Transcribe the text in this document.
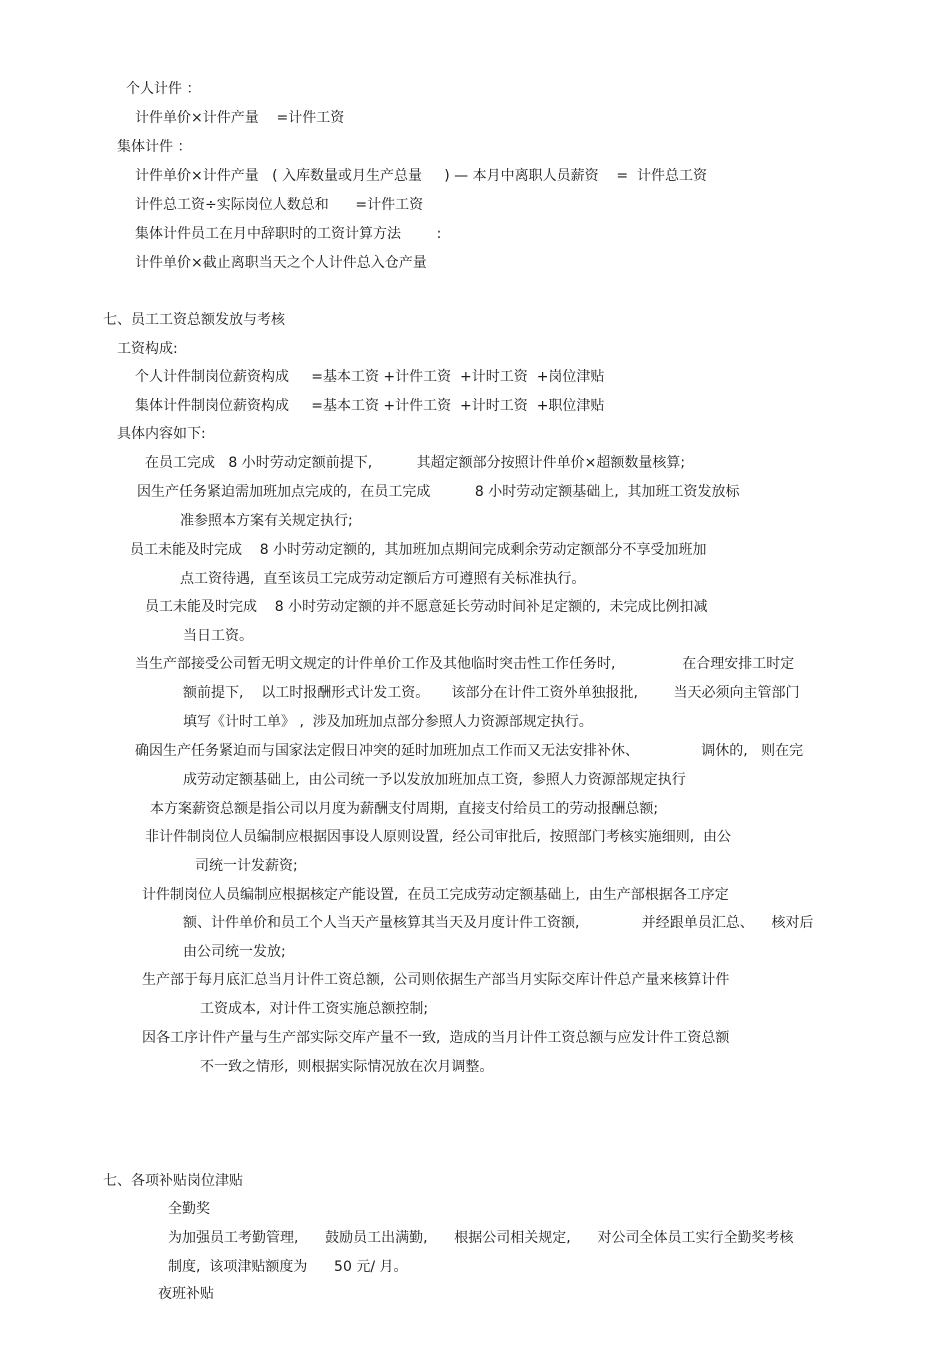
个人计件 ：

计件单价×计件产量    =计件工资

集体计件 ：

计件单价×计件产量   ( 入库数量或月生产总量     ) — 本月中离职人员薪资    =  计件总工资

计件总工资÷实际岗位人数总和      =计件工资

集体计件员工在月中辞职时的工资计算方法        :

计件单价×截止离职当天之个人计件总入仓产量

七、员工工资总额发放与考核

工资构成:

个人计件制岗位薪资构成     =基本工资 +计件工资  +计时工资  +岗位津贴

集体计件制岗位薪资构成     =基本工资 +计件工资  +计时工资  +职位津贴

具体内容如下:

在员工完成   8 小时劳动定额前提下,          其超定额部分按照计件单价×超额数量核算;

因生产任务紧迫需加班加点完成的,  在员工完成          8 小时劳动定额基础上,  其加班工资发放标

准参照本方案有关规定执行;

员工未能及时完成    8 小时劳动定额的,  其加班加点期间完成剩余劳动定额部分不享受加班加

点工资待遇,  直至该员工完成劳动定额后方可遵照有关标准执行。

员工未能及时完成    8 小时劳动定额的并不愿意延长劳动时间补足定额的,  未完成比例扣减

当日工资。

当生产部接受公司暂无明文规定的计件单价工作及其他临时突击性工作任务时,               在合理安排工时定

额前提下,    以工时报酬形式计发工资。     该部分在计件工资外单独报批,        当天必须向主管部门

填写《计时工单》 ,  涉及加班加点部分参照人力资源部规定执行。

确因生产任务紧迫而与国家法定假日冲突的延时加班加点工作而又无法安排补休、              调休的,   则在完

成劳动定额基础上,  由公司统一予以发放加班加点工资,  参照人力资源部规定执行

本方案薪资总额是指公司以月度为薪酬支付周期,  直接支付给员工的劳动报酬总额;

非计件制岗位人员编制应根据因事设人原则设置,  经公司审批后,  按照部门考核实施细则,  由公

司统一计发薪资;

计件制岗位人员编制应根据核定产能设置,  在员工完成劳动定额基础上,  由生产部根据各工序定

额、计件单价和员工个人当天产量核算其当天及月度计件工资额,              并经跟单员汇总、    核对后

由公司统一发放;

生产部于每月底汇总当月计件工资总额,  公司则依据生产部当月实际交库计件总产量来核算计件

工资成本,  对计件工资实施总额控制;

因各工序计件产量与生产部实际交库产量不一致,  造成的当月计件工资总额与应发计件工资总额

不一致之情形,  则根据实际情况放在次月调整。

七、各项补贴岗位津贴

全勤奖

为加强员工考勤管理,      鼓励员工出满勤,      根据公司相关规定,      对公司全体员工实行全勤奖考核

制度,  该项津贴额度为      50 元/ 月。

夜班补贴
